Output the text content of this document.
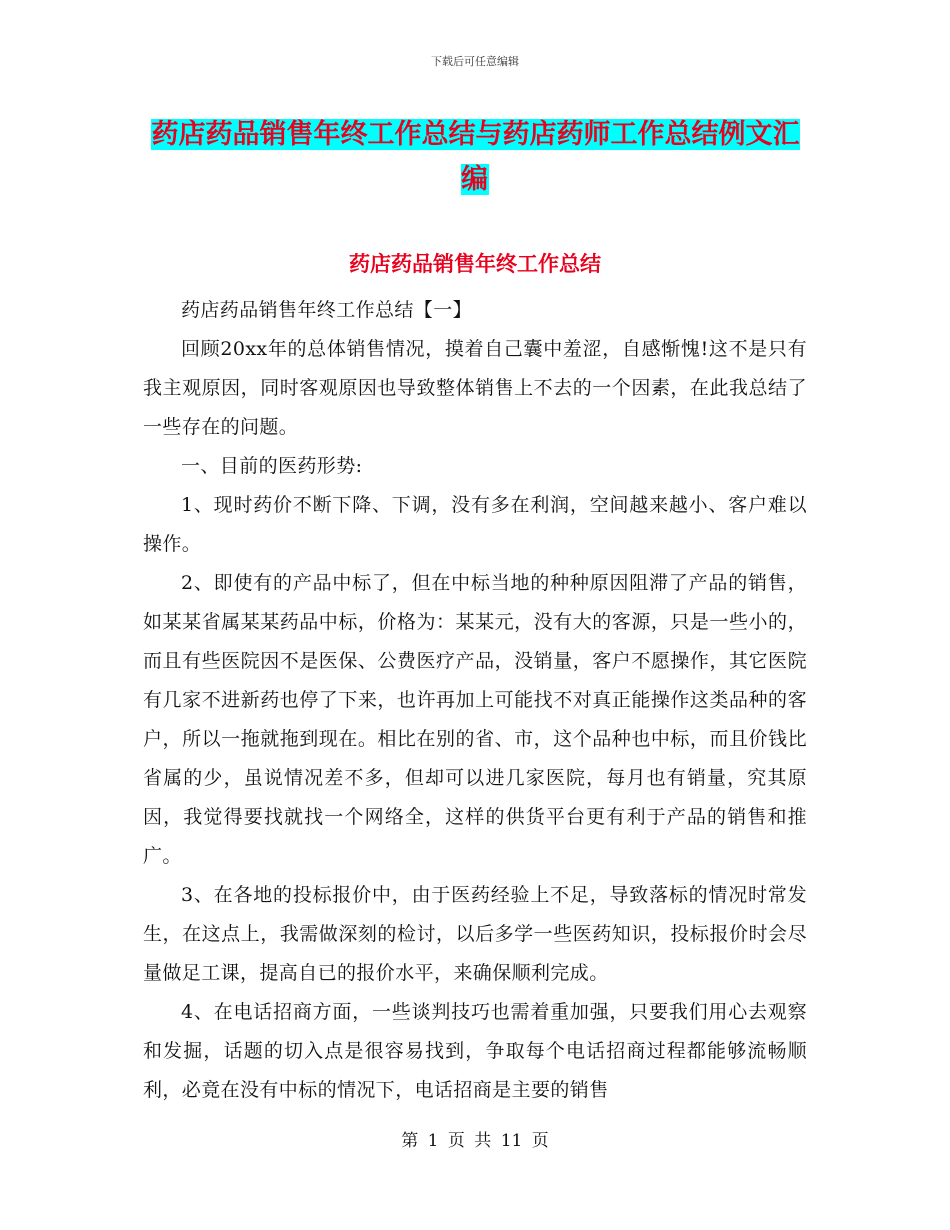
下载后可任意编辑
药店药品销售年终工作总结与药店药师工作总结例文汇编
药店药品销售年终工作总结

药店药品销售年终工作总结【一】

回顾20xx年的总体销售情况，摸着自己囊中羞涩，自感惭愧!这不是只有我主观原因，同时客观原因也导致整体销售上不去的一个因素，在此我总结了一些存在的问题。

一、目前的医药形势:

1、现时药价不断下降、下调，没有多在利润，空间越来越小、客户难以操作。

2、即使有的产品中标了，但在中标当地的种种原因阻滞了产品的销售，如某某省属某某药品中标，价格为：某某元，没有大的客源，只是一些小的，而且有些医院因不是医保、公费医疗产品，没销量，客户不愿操作，其它医院有几家不进新药也停了下来，也许再加上可能找不对真正能操作这类品种的客户，所以一拖就拖到现在。相比在别的省、市，这个品种也中标，而且价钱比省属的少，虽说情况差不多，但却可以进几家医院，每月也有销量，究其原因，我觉得要找就找一个网络全，这样的供货平台更有利于产品的销售和推广。

3、在各地的投标报价中，由于医药经验上不足，导致落标的情况时常发生，在这点上，我需做深刻的检讨，以后多学一些医药知识，投标报价时会尽量做足工课，提高自已的报价水平，来确保顺利完成。

4、在电话招商方面，一些谈判技巧也需着重加强，只要我们用心去观察和发掘，话题的切入点是很容易找到，争取每个电话招商过程都能够流畅顺利，必竟在没有中标的情况下，电话招商是主要的销售

第 1 页 共 11 页
